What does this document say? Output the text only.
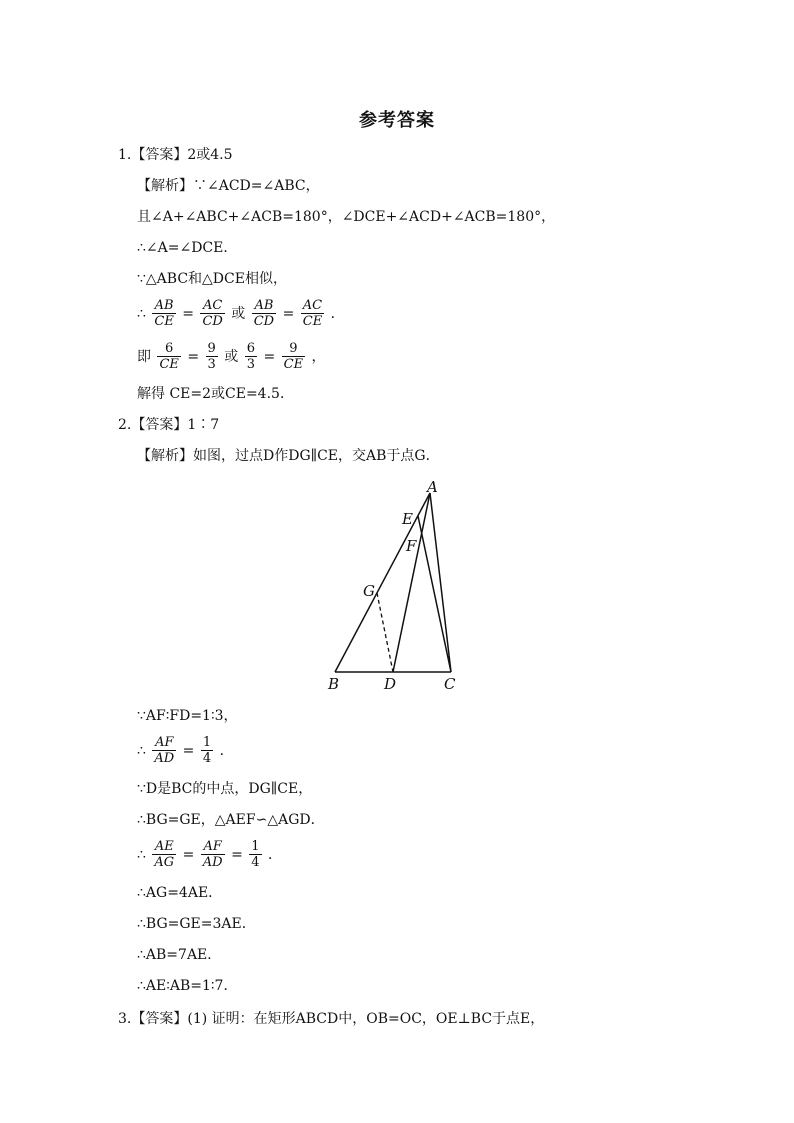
参考答案
1.【答案】2或4.5
【解析】∵∠ACD=∠ABC，
且∠A+∠ABC+∠ACB=180°，∠DCE+∠ACD+∠ACB=180°，
∴∠A=∠DCE．
∵△ABC和△DCE相似，
∴ $\frac{AB}{CE} = \frac{AC}{CD}$ 或 $\frac{AB}{CD} = \frac{AC}{CE}$ ．
即 $\frac{6}{CE} = \frac{9}{3}$ 或 $\frac{6}{3} = \frac{9}{CE}$ ，
解得 CE=2或CE=4.5．
2.【答案】1∶7
【解析】如图，过点D作DG∥CE，交AB于点G．
A
E
F
G
B	D	C
∵AF∶FD=1∶3，
∴ $\frac{AF}{AD} = \frac{1}{4}$ ．
∵D是BC的中点，DG∥CE，
∴BG=GE，△AEF∽△AGD．
∴ $\frac{AE}{AG} = \frac{AF}{AD} = \frac{1}{4}$ ．
∴AG=4AE．
∴BG=GE=3AE．
∴AB=7AE．
∴AE∶AB=1∶7．
3.【答案】(1) 证明：在矩形ABCD中，OB=OC，OE⊥BC于点E，
